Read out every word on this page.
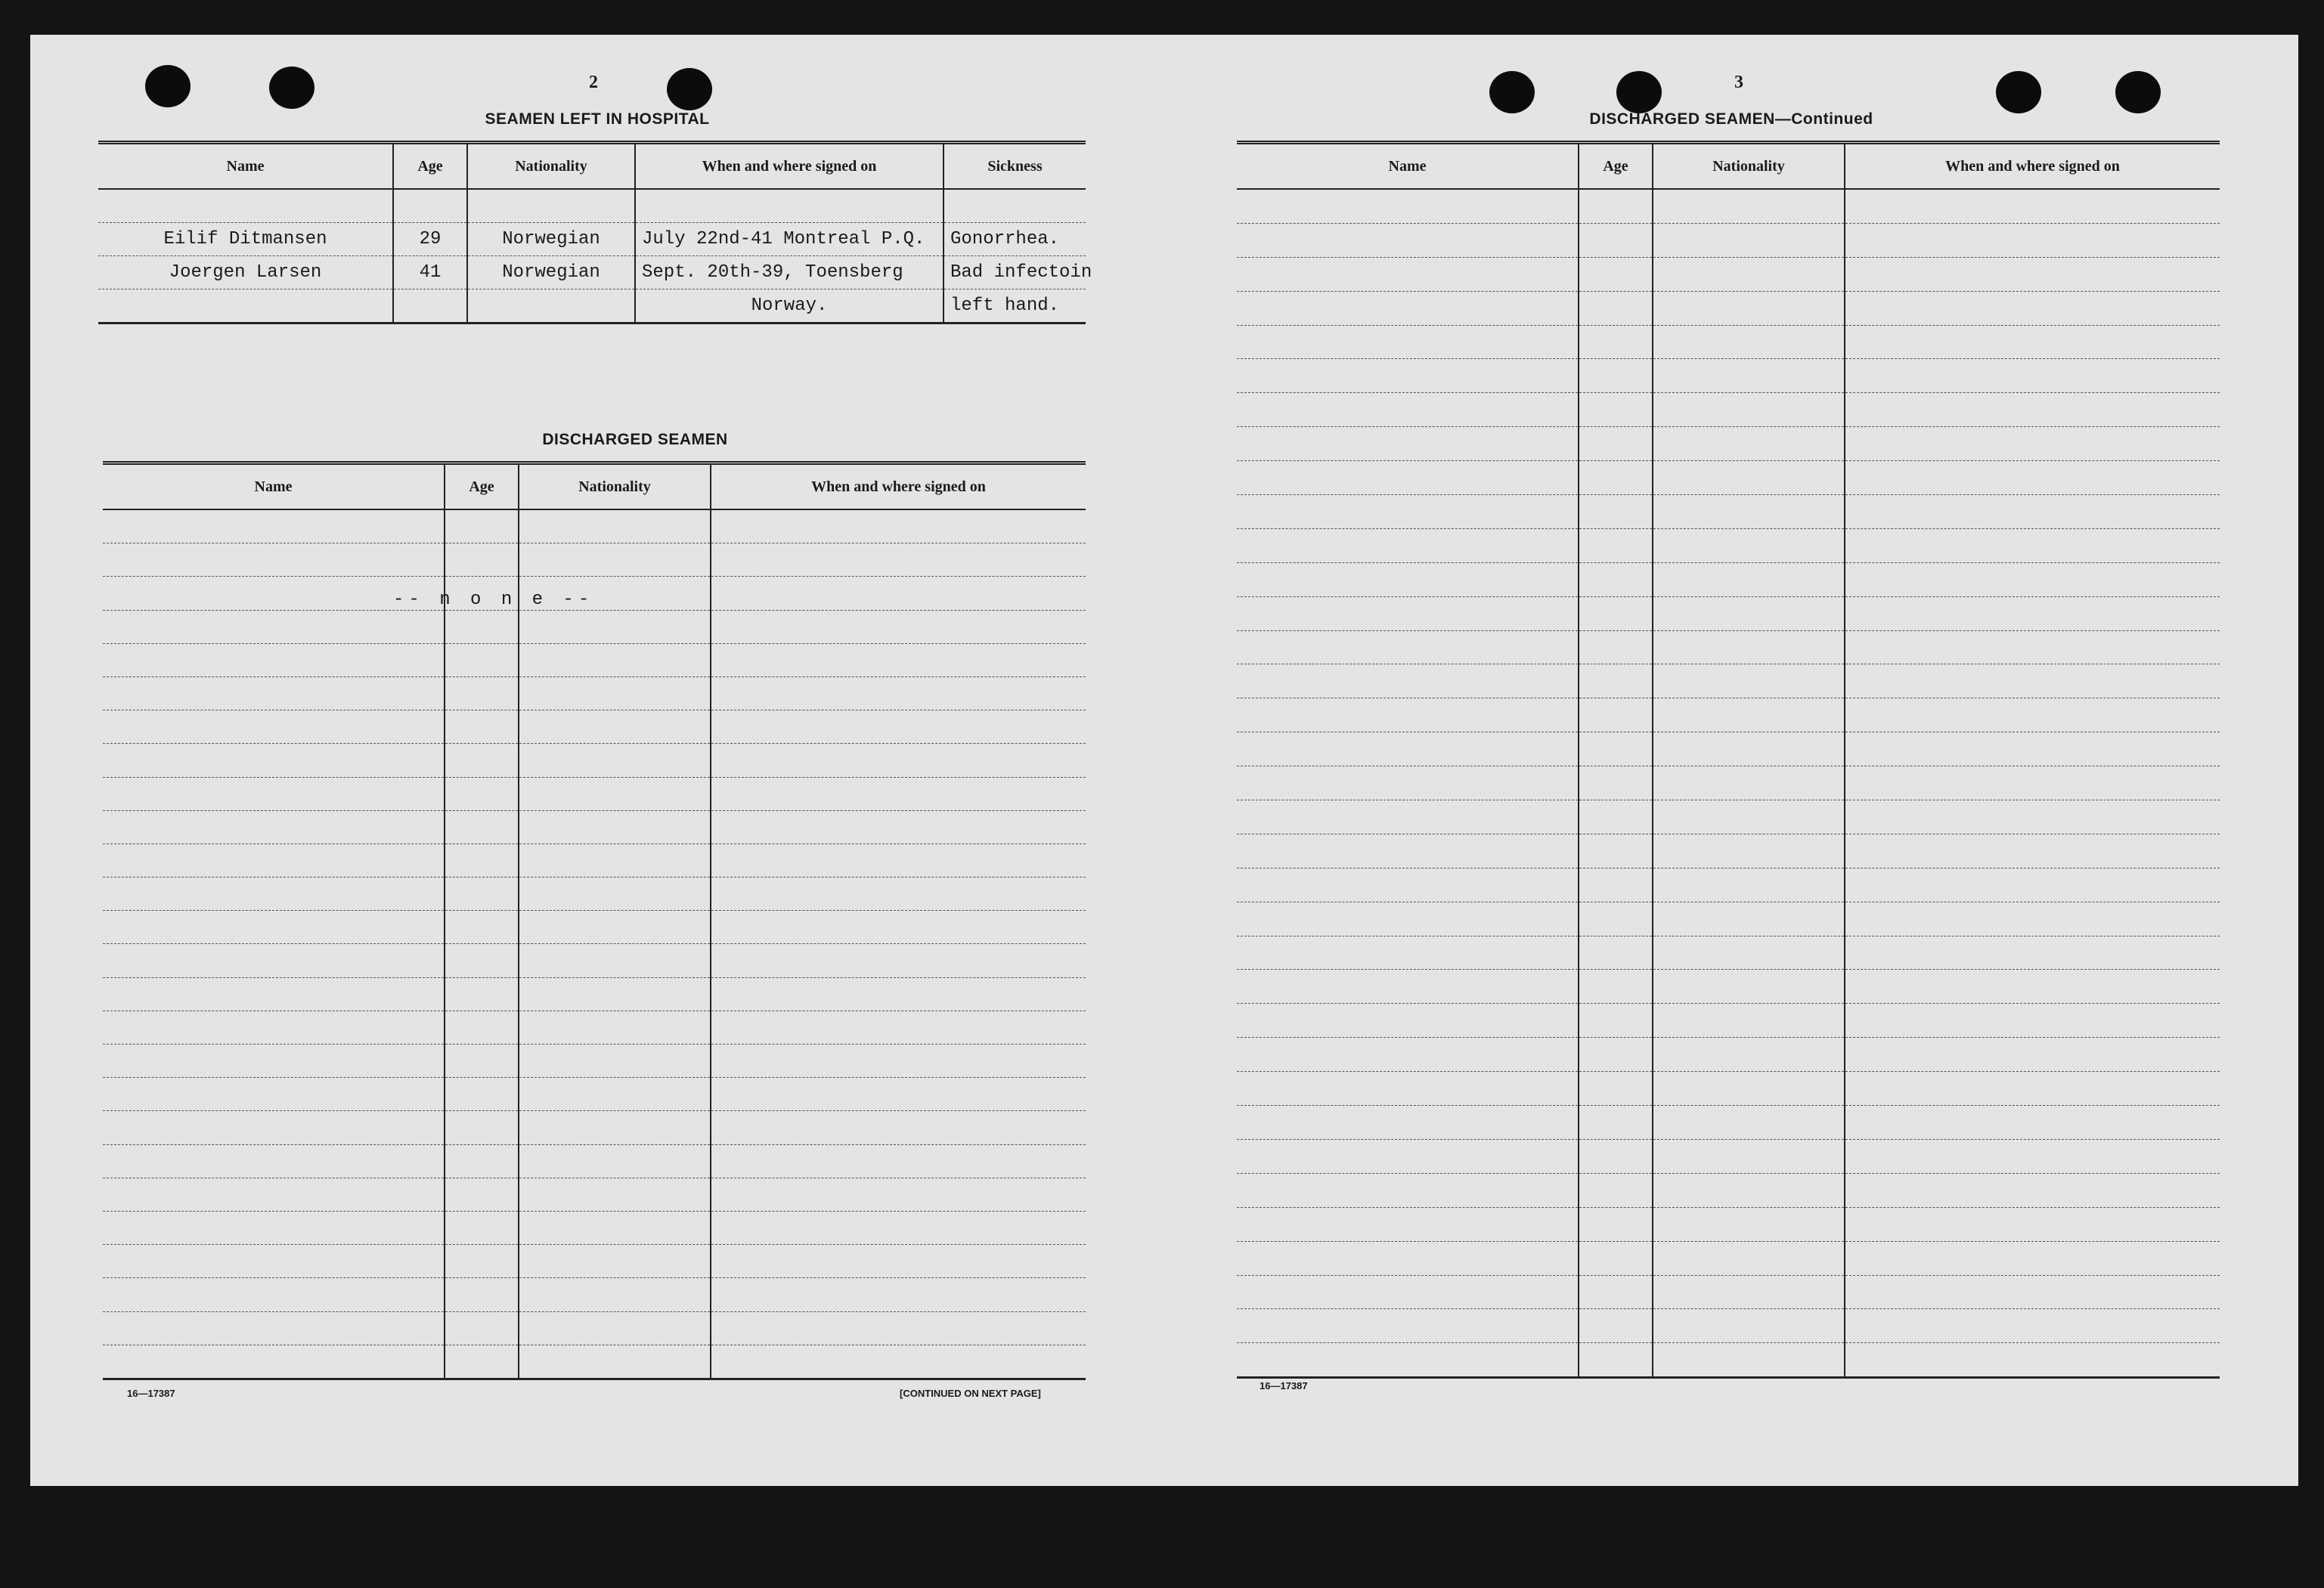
2
SEAMEN LEFT IN HOSPITAL
Name	Age	Nationality	When and where signed on	Sickness

Eilif Ditmansen	29	Norwegian	July 22nd-41 Montreal P.Q.	Gonorrhea.
Joergen Larsen	41	Norwegian	Sept. 20th-39, Toensberg	Bad infectoin
			Norway.	left hand.
DISCHARGED SEAMEN
Name	Age	Nationality	When and where signed on

-- n o n e --
16—17387	[CONTINUED ON NEXT PAGE]
3
DISCHARGED SEAMEN—Continued
Name	Age	Nationality	When and where signed on

16—17387
